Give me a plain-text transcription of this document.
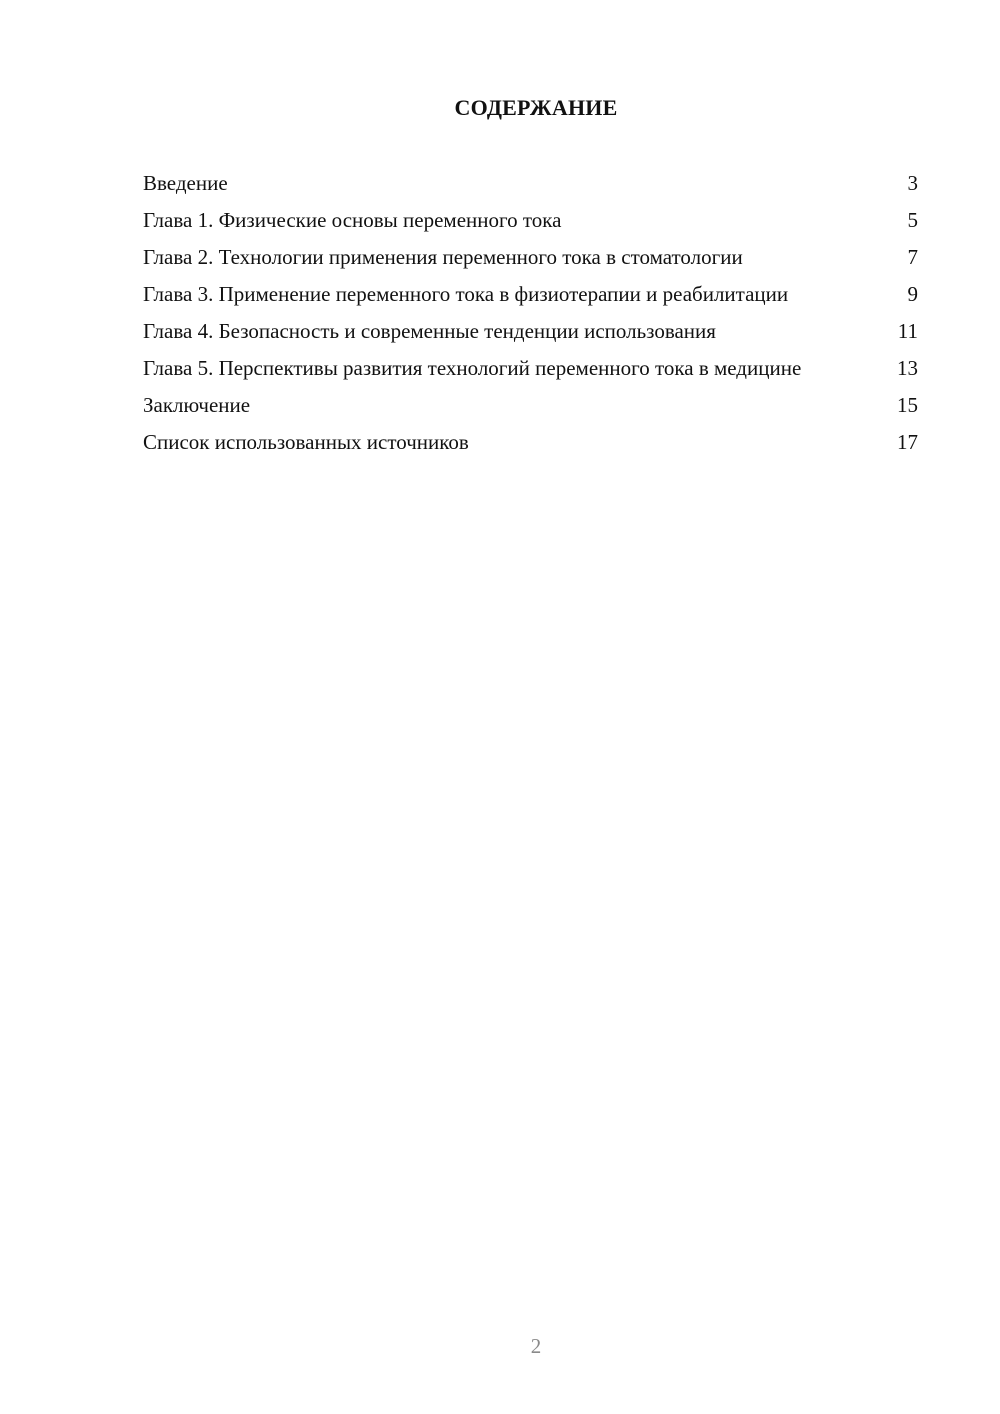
СОДЕРЖАНИЕ
Введение	3
Глава 1. Физические основы переменного тока	5
Глава 2. Технологии применения переменного тока в стоматологии	7
Глава 3. Применение переменного тока в физиотерапии и реабилитации	9
Глава 4. Безопасность и современные тенденции использования	11
Глава 5. Перспективы развития технологий переменного тока в медицине	13
Заключение	15
Список использованных источников	17
2
